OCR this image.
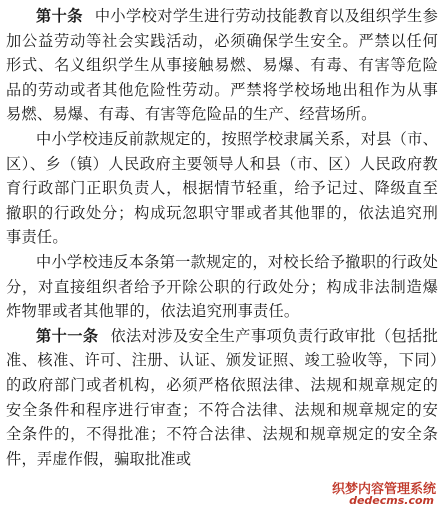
第十条 中小学校对学生进行劳动技能教育以及组织学生参加公益劳动等社会实践活动，必须确保学生安全。严禁以任何形式、名义组织学生从事接触易燃、易爆、有毒、有害等危险品的劳动或者其他危险性劳动。严禁将学校场地出租作为从事易燃、易爆、有毒、有害等危险品的生产、经营场所。

中小学校违反前款规定的，按照学校隶属关系，对县（市、区）、乡（镇）人民政府主要领导人和县（市、区）人民政府教育行政部门正职负责人，根据情节轻重，给予记过、降级直至撤职的行政处分；构成玩忽职守罪或者其他罪的，依法追究刑事责任。

中小学校违反本条第一款规定的，对校长给予撤职的行政处分，对直接组织者给予开除公职的行政处分；构成非法制造爆炸物罪或者其他罪的，依法追究刑事责任。

第十一条 依法对涉及安全生产事项负责行政审批（包括批准、核准、许可、注册、认证、颁发证照、竣工验收等，下同）的政府部门或者机构，必须严格依照法律、法规和规章规定的安全条件和程序进行审查；不符合法律、法规和规章规定的安全条件的，不得批准；不符合法律、法规和规章规定的安全条件，弄虚作假，骗取批准或

织梦内容管理系统
dedecms.com
